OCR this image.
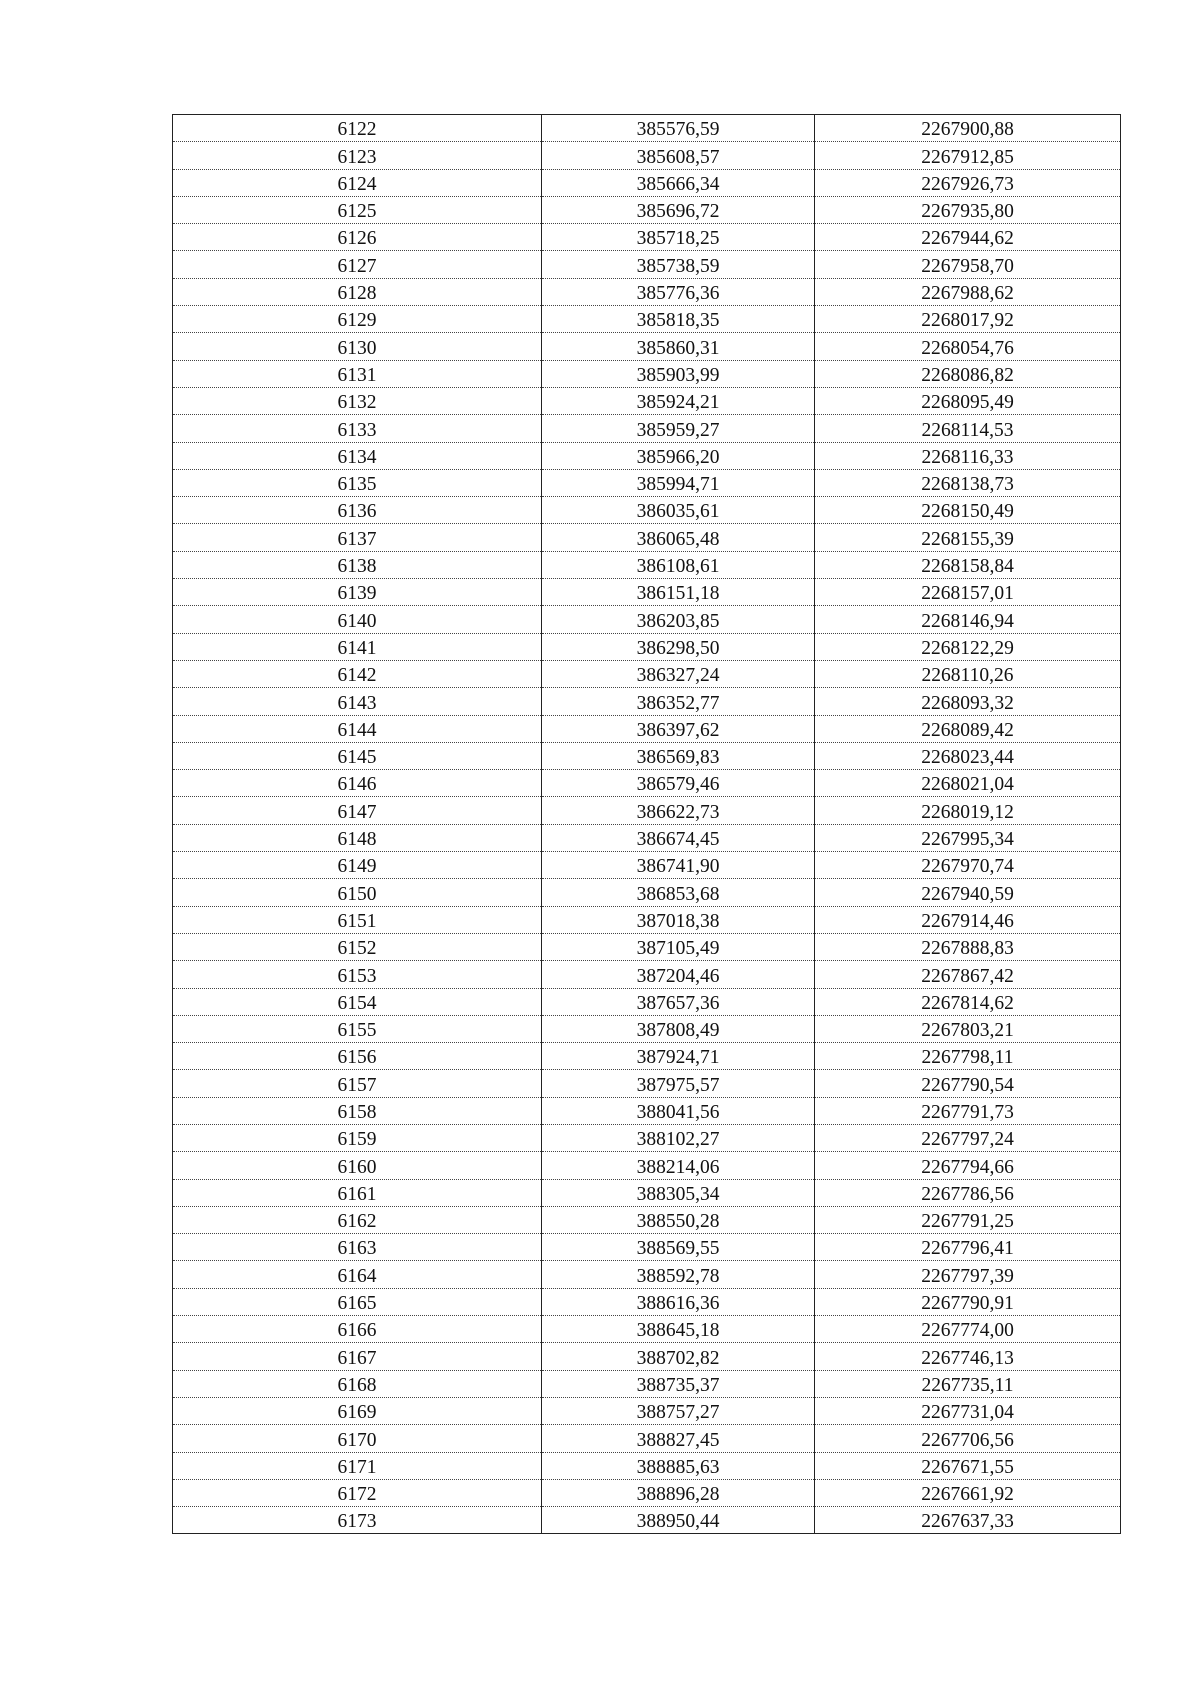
6122	385576,59	2267900,88
6123	385608,57	2267912,85
6124	385666,34	2267926,73
6125	385696,72	2267935,80
6126	385718,25	2267944,62
6127	385738,59	2267958,70
6128	385776,36	2267988,62
6129	385818,35	2268017,92
6130	385860,31	2268054,76
6131	385903,99	2268086,82
6132	385924,21	2268095,49
6133	385959,27	2268114,53
6134	385966,20	2268116,33
6135	385994,71	2268138,73
6136	386035,61	2268150,49
6137	386065,48	2268155,39
6138	386108,61	2268158,84
6139	386151,18	2268157,01
6140	386203,85	2268146,94
6141	386298,50	2268122,29
6142	386327,24	2268110,26
6143	386352,77	2268093,32
6144	386397,62	2268089,42
6145	386569,83	2268023,44
6146	386579,46	2268021,04
6147	386622,73	2268019,12
6148	386674,45	2267995,34
6149	386741,90	2267970,74
6150	386853,68	2267940,59
6151	387018,38	2267914,46
6152	387105,49	2267888,83
6153	387204,46	2267867,42
6154	387657,36	2267814,62
6155	387808,49	2267803,21
6156	387924,71	2267798,11
6157	387975,57	2267790,54
6158	388041,56	2267791,73
6159	388102,27	2267797,24
6160	388214,06	2267794,66
6161	388305,34	2267786,56
6162	388550,28	2267791,25
6163	388569,55	2267796,41
6164	388592,78	2267797,39
6165	388616,36	2267790,91
6166	388645,18	2267774,00
6167	388702,82	2267746,13
6168	388735,37	2267735,11
6169	388757,27	2267731,04
6170	388827,45	2267706,56
6171	388885,63	2267671,55
6172	388896,28	2267661,92
6173	388950,44	2267637,33
